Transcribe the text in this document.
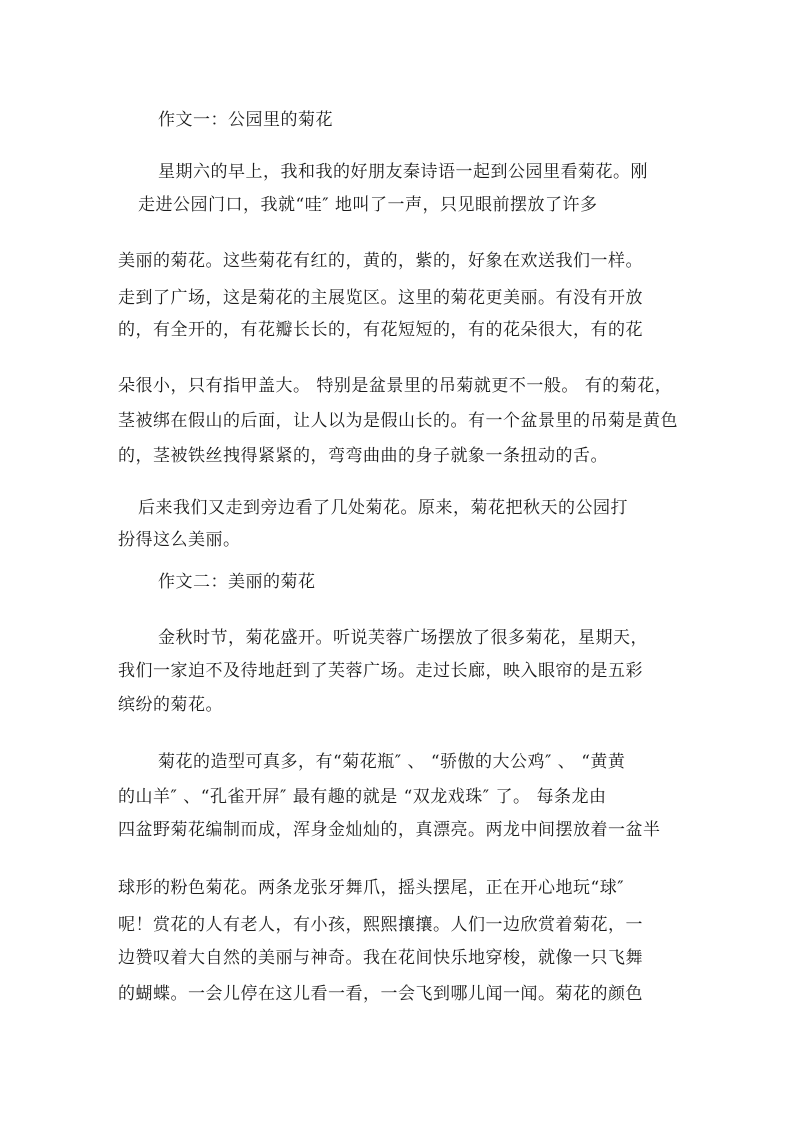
作文一：公园里的菊花
星期六的早上，我和我的好朋友秦诗语一起到公园里看菊花。刚
走进公园门口，我就“哇″ 地叫了一声，只见眼前摆放了许多
美丽的菊花。这些菊花有红的，黄的，紫的，好象在欢送我们一样。
走到了广场，这是菊花的主展览区。这里的菊花更美丽。有没有开放
的，有全开的，有花瓣长长的，有花短短的，有的花朵很大，有的花
朵很小，只有指甲盖大。 特别是盆景里的吊菊就更不一般。 有的菊花，
茎被绑在假山的后面，让人以为是假山长的。有一个盆景里的吊菊是黄色
的，茎被铁丝拽得紧紧的，弯弯曲曲的身子就象一条扭动的舌。
后来我们又走到旁边看了几处菊花。原来，菊花把秋天的公园打
扮得这么美丽。
作文二：美丽的菊花
金秋时节，菊花盛开。听说芙蓉广场摆放了很多菊花，星期天，
我们一家迫不及待地赶到了芙蓉广场。走过长廊，映入眼帘的是五彩
缤纷的菊花。
菊花的造型可真多，有“菊花瓶″ 、 “骄傲的大公鸡″ 、 “黄黄
的山羊″ 、“孔雀开屏″ 最有趣的就是 “双龙戏珠″ 了。 每条龙由
四盆野菊花编制而成，浑身金灿灿的，真漂亮。两龙中间摆放着一盆半
球形的粉色菊花。两条龙张牙舞爪，摇头摆尾，正在开心地玩“球″
呢！赏花的人有老人，有小孩，熙熙攘攘。人们一边欣赏着菊花，一
边赞叹着大自然的美丽与神奇。我在花间快乐地穿梭，就像一只飞舞
的蝴蝶。一会儿停在这儿看一看，一会飞到哪儿闻一闻。菊花的颜色
